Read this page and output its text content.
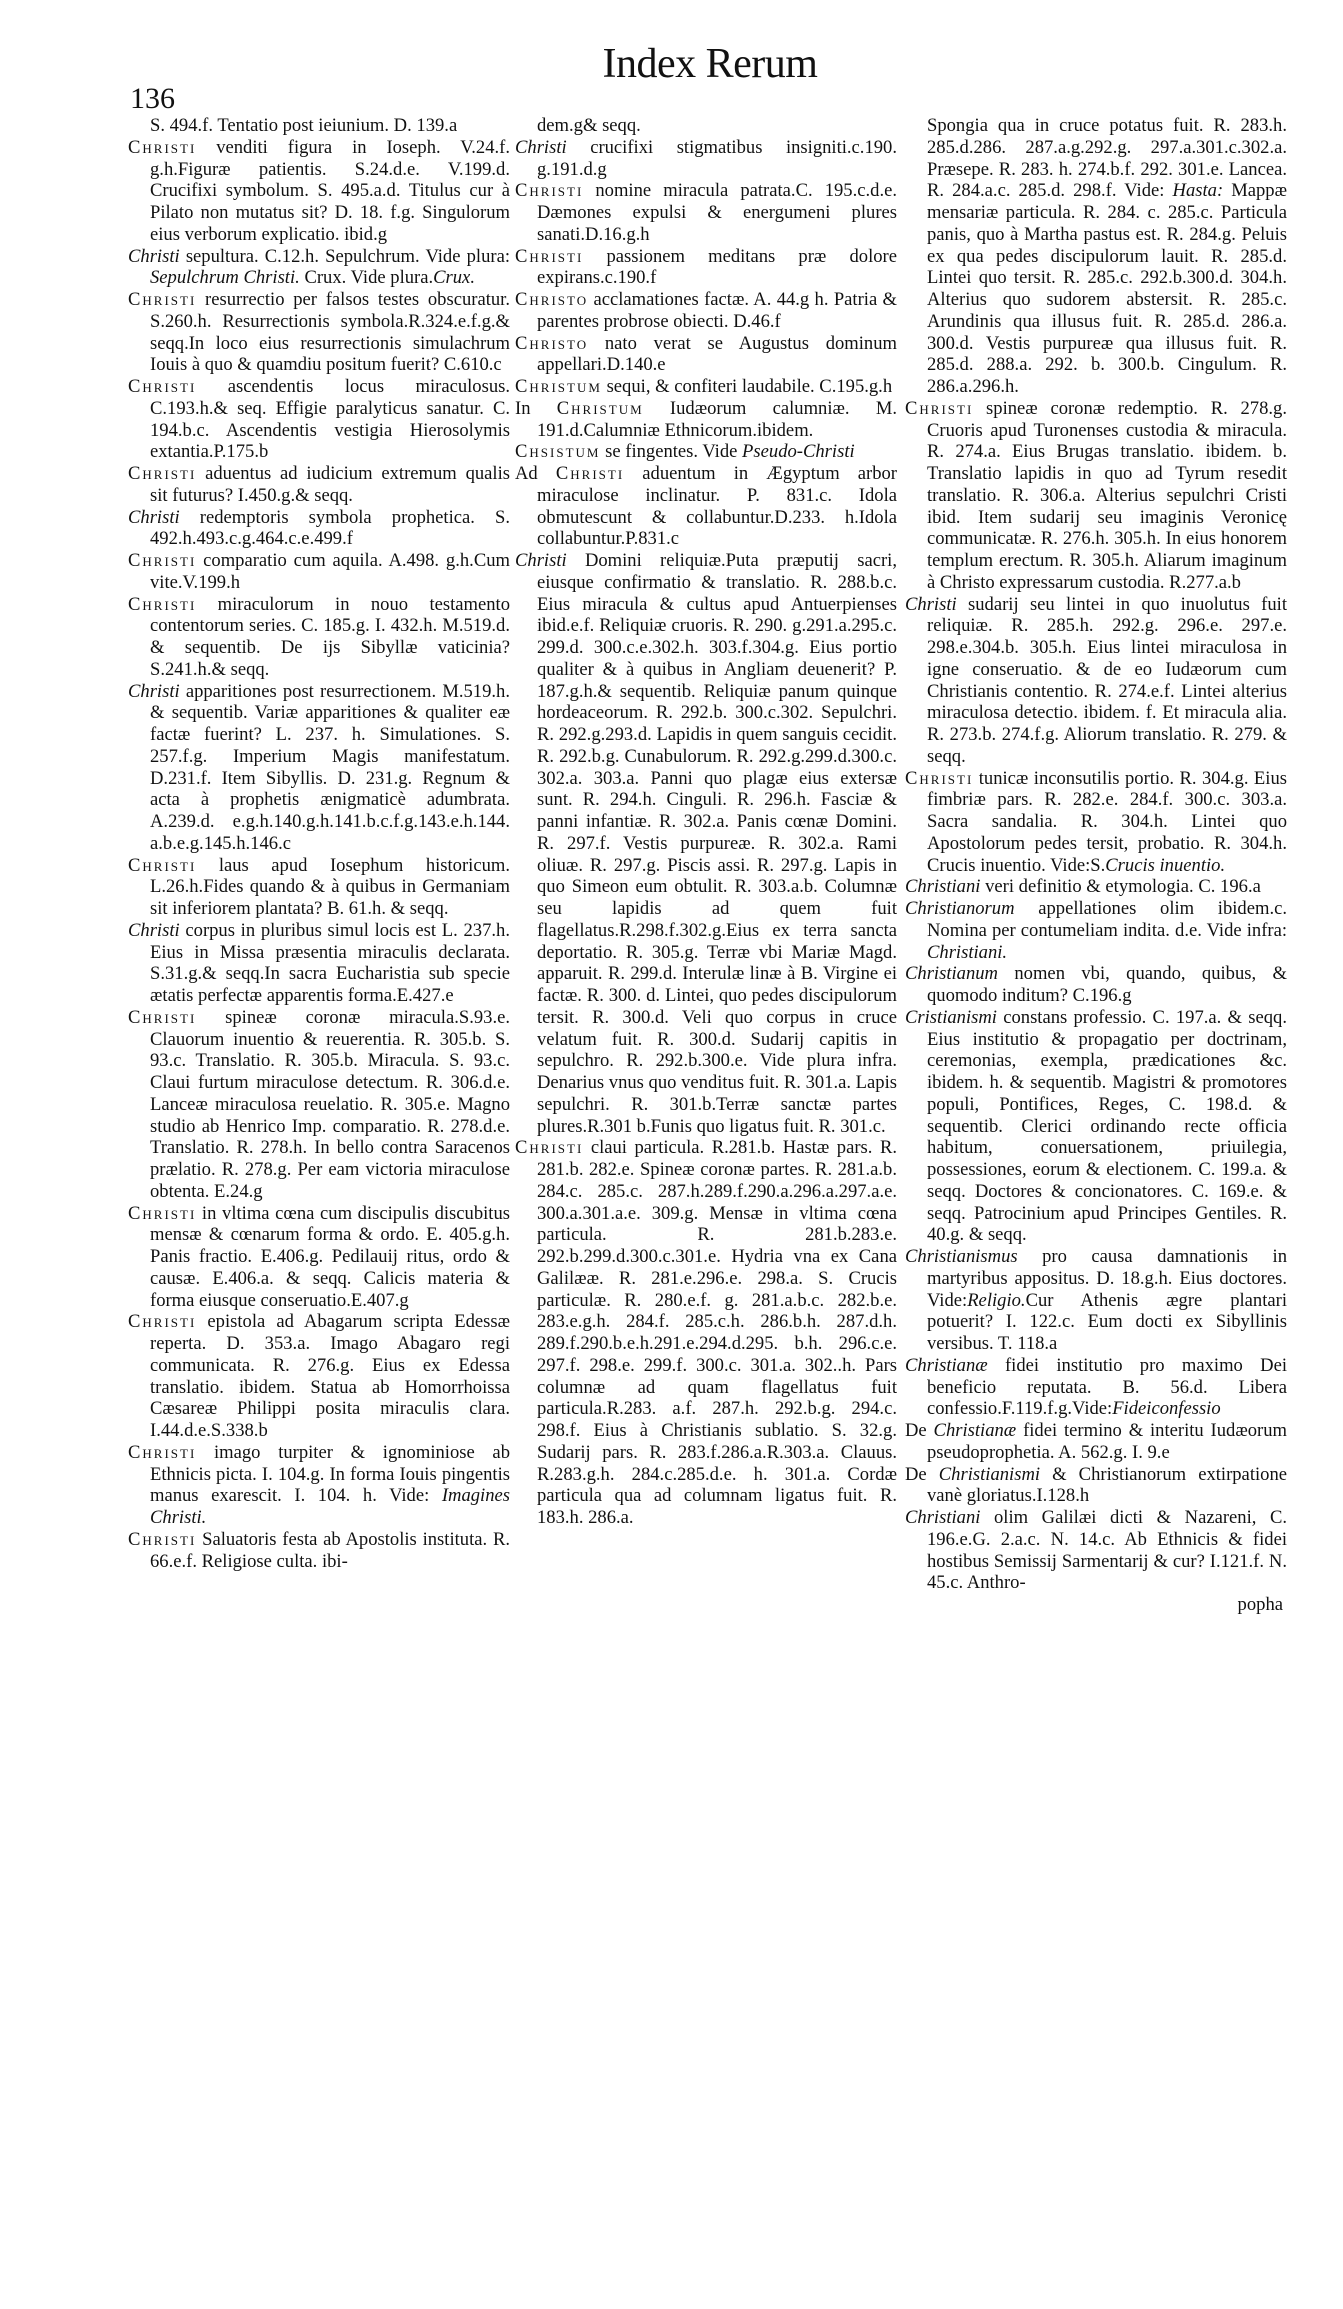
136
Index Rerum

S. 494.f. Tentatio post ieiunium. D. 139.a

Christi venditi figura in Ioseph. V.24.f. g.h.Figuræ patientis. S.24.d.e. V.199.d. Crucifixi symbolum. S. 495.a.d. Titulus cur à Pilato non mutatus sit? D. 18. f.g. Singulorum eius verborum explicatio. ibid.g

Christi sepultura. C.12.h. Sepulchrum. Vide plura: Sepulchrum Christi. Crux. Vide plura.Crux.

Christi resurrectio per falsos testes obscuratur. S.260.h. Resurrectionis symbola.R.324.e.f.g.& seqq.In loco eius resurrectionis simulachrum Iouis à quo & quamdiu positum fuerit? C.610.c

Christi ascendentis locus miraculosus. C.193.h.& seq. Effigie paralyticus sanatur. C. 194.b.c. Ascendentis vestigia Hierosolymis extantia.P.175.b

Christi aduentus ad iudicium extremum qualis sit futurus? I.450.g.& seqq.

Christi redemptoris symbola prophetica. S. 492.h.493.c.g.464.c.e.499.f

Christi comparatio cum aquila. A.498. g.h.Cum vite.V.199.h

Christi miraculorum in nouo testamento contentorum series. C. 185.g. I. 432.h. M.519.d. & sequentib. De ijs Sibyllæ vaticinia? S.241.h.& seqq.

Christi apparitiones post resurrectionem. M.519.h. & sequentib. Variæ apparitiones & qualiter eæ factæ fuerint? L. 237. h. Simulationes. S. 257.f.g. Imperium Magis manifestatum. D.231.f. Item Sibyllis. D. 231.g. Regnum & acta à prophetis ænigmaticè adumbrata. A.239.d. e.g.h.140.g.h.141.b.c.f.g.143.e.h.144. a.b.e.g.145.h.146.c

Christi laus apud Iosephum historicum. L.26.h.Fides quando & à quibus in Germaniam sit inferiorem plantata? B. 61.h. & seqq.

Christi corpus in pluribus simul locis est L. 237.h. Eius in Missa præsentia miraculis declarata. S.31.g.& seqq.In sacra Eucharistia sub specie ætatis perfectæ apparentis forma.E.427.e

Christi spineæ coronæ miracula.S.93.e. Clauorum inuentio & reuerentia. R. 305.b. S. 93.c. Translatio. R. 305.b. Miracula. S. 93.c. Claui furtum miraculose detectum. R. 306.d.e. Lanceæ miraculosa reuelatio. R. 305.e. Magno studio ab Henrico Imp. comparatio. R. 278.d.e. Translatio. R. 278.h. In bello contra Saracenos prælatio. R. 278.g. Per eam victoria miraculose obtenta. E.24.g

Christi in vltima cœna cum discipulis discubitus mensæ & cœnarum forma & ordo. E. 405.g.h. Panis fractio. E.406.g. Pedilauij ritus, ordo & causæ. E.406.a. & seqq. Calicis materia & forma eiusque conseruatio.E.407.g

Christi epistola ad Abagarum scripta Edessæ reperta. D. 353.a. Imago Abagaro regi communicata. R. 276.g. Eius ex Edessa translatio. ibidem. Statua ab Homorrhoissa Cæsareæ Philippi posita miraculis clara. I.44.d.e.S.338.b

Christi imago turpiter & ignominiose ab Ethnicis picta. I. 104.g. In forma Iouis pingentis manus exarescit. I. 104. h. Vide: Imagines Christi.

Christi Saluatoris festa ab Apostolis instituta. R. 66.e.f. Religiose culta. ibi-

dem.g& seqq.

Christi crucifixi stigmatibus insigniti.c.190. g.191.d.g

Christi nomine miracula patrata.C. 195.c.d.e. Dæmones expulsi & energumeni plures sanati.D.16.g.h

Christi passionem meditans præ dolore expirans.c.190.f

Christo acclamationes factæ. A. 44.g h. Patria & parentes probrose obiecti. D.46.f

Christo nato verat se Augustus dominum appellari.D.140.e

Christum sequi, & confiteri laudabile. C.195.g.h

In Christum Iudæorum calumniæ. M. 191.d.Calumniæ Ethnicorum.ibidem.

Chsistum se fingentes. Vide Pseudo-Christi

Ad Christi aduentum in Ægyptum arbor miraculose inclinatur. P. 831.c. Idola obmutescunt & collabuntur.D.233. h.Idola collabuntur.P.831.c

Christi Domini reliquiæ.Puta præputij sacri, eiusque confirmatio & translatio. R. 288.b.c. Eius miracula & cultus apud Antuerpienses ibid.e.f. Reliquiæ cruoris. R. 290. g.291.a.295.c. 299.d. 300.c.e.302.h. 303.f.304.g. Eius portio qualiter & à quibus in Angliam deuenerit? P. 187.g.h.& sequentib. Reliquiæ panum quinque hordeaceorum. R. 292.b. 300.c.302. Sepulchri. R. 292.g.293.d. Lapidis in quem sanguis cecidit. R. 292.b.g. Cunabulorum. R. 292.g.299.d.300.c. 302.a. 303.a. Panni quo plagæ eius extersæ sunt. R. 294.h. Cinguli. R. 296.h. Fasciæ & panni infantiæ. R. 302.a. Panis cœnæ Domini. R. 297.f. Vestis purpureæ. R. 302.a. Rami oliuæ. R. 297.g. Piscis assi. R. 297.g. Lapis in quo Simeon eum obtulit. R. 303.a.b. Columnæ seu lapidis ad quem fuit flagellatus.R.298.f.302.g.Eius ex terra sancta deportatio. R. 305.g. Terræ vbi Mariæ Magd. apparuit. R. 299.d. Interulæ linæ à B. Virgine ei factæ. R. 300. d. Lintei, quo pedes discipulorum tersit. R. 300.d. Veli quo corpus in cruce velatum fuit. R. 300.d. Sudarij capitis in sepulchro. R. 292.b.300.e. Vide plura infra. Denarius vnus quo venditus fuit. R. 301.a. Lapis sepulchri. R. 301.b.Terræ sanctæ partes plures.R.301 b.Funis quo ligatus fuit. R. 301.c.

Christi claui particula. R.281.b. Hastæ pars. R. 281.b. 282.e. Spineæ coronæ partes. R. 281.a.b. 284.c. 285.c. 287.h.289.f.290.a.296.a.297.a.e. 300.a.301.a.e. 309.g. Mensæ in vltima cœna particula. R. 281.b.283.e. 292.b.299.d.300.c.301.e. Hydria vna ex Cana Galilææ. R. 281.e.296.e. 298.a. S. Crucis particulæ. R. 280.e.f. g. 281.a.b.c. 282.b.e. 283.e.g.h. 284.f. 285.c.h. 286.b.h. 287.d.h. 289.f.290.b.e.h.291.e.294.d.295. b.h. 296.c.e. 297.f. 298.e. 299.f. 300.c. 301.a. 302..h. Pars columnæ ad quam flagellatus fuit particula.R.283. a.f. 287.h. 292.b.g. 294.c. 298.f. Eius à Christianis sublatio. S. 32.g. Sudarij pars. R. 283.f.286.a.R.303.a. Clauus. R.283.g.h. 284.c.285.d.e. h. 301.a. Cordæ particula qua ad columnam ligatus fuit. R. 183.h. 286.a.

Spongia qua in cruce potatus fuit. R. 283.h. 285.d.286. 287.a.g.292.g. 297.a.301.c.302.a. Præsepe. R. 283. h. 274.b.f. 292. 301.e. Lancea. R. 284.a.c. 285.d. 298.f. Vide: Hasta: Mappæ mensariæ particula. R. 284. c. 285.c. Particula panis, quo à Martha pastus est. R. 284.g. Peluis ex qua pedes discipulorum lauit. R. 285.d. Lintei quo tersit. R. 285.c. 292.b.300.d. 304.h. Alterius quo sudorem abstersit. R. 285.c. Arundinis qua illusus fuit. R. 285.d. 286.a. 300.d. Vestis purpureæ qua illusus fuit. R. 285.d. 288.a. 292. b. 300.b. Cingulum. R. 286.a.296.h.

Christi spineæ coronæ redemptio. R. 278.g. Cruoris apud Turonenses custodia & miracula. R. 274.a. Eius Brugas translatio. ibidem. b. Translatio lapidis in quo ad Tyrum resedit translatio. R. 306.a. Alterius sepulchri Cristi ibid. Item sudarij seu imaginis Veronicę communicatæ. R. 276.h. 305.h. In eius honorem templum erectum. R. 305.h. Aliarum imaginum à Christo expressarum custodia. R.277.a.b

Christi sudarij seu lintei in quo inuolutus fuit reliquiæ. R. 285.h. 292.g. 296.e. 297.e. 298.e.304.b. 305.h. Eius lintei miraculosa in igne conseruatio. & de eo Iudæorum cum Christianis contentio. R. 274.e.f. Lintei alterius miraculosa detectio. ibidem. f. Et miracula alia. R. 273.b. 274.f.g. Aliorum translatio. R. 279. & seqq.

Christi tunicæ inconsutilis portio. R. 304.g. Eius fimbriæ pars. R. 282.e. 284.f. 300.c. 303.a. Sacra sandalia. R. 304.h. Lintei quo Apostolorum pedes tersit, probatio. R. 304.h. Crucis inuentio. Vide:S.Crucis inuentio.

Christiani veri definitio & etymologia. C. 196.a

Christianorum appellationes olim ibidem.c. Nomina per contumeliam indita. d.e. Vide infra: Christiani.

Christianum nomen vbi, quando, quibus, & quomodo inditum? C.196.g

Cristianismi constans professio. C. 197.a. & seqq. Eius institutio & propagatio per doctrinam, ceremonias, exempla, prædicationes &c. ibidem. h. & sequentib. Magistri & promotores populi, Pontifices, Reges, C. 198.d. & sequentib. Clerici ordinando recte officia habitum, conuersationem, priuilegia, possessiones, eorum & electionem. C. 199.a. & seqq. Doctores & concionatores. C. 169.e. & seqq. Patrocinium apud Principes Gentiles. R. 40.g. & seqq.

Christianismus pro causa damnationis in martyribus appositus. D. 18.g.h. Eius doctores. Vide:Religio.Cur Athenis ægre plantari potuerit? I. 122.c. Eum docti ex Sibyllinis versibus. T. 118.a

Christianæ fidei institutio pro maximo Dei beneficio reputata. B. 56.d. Libera confessio.F.119.f.g.Vide:Fideiconfessio

De Christianæ fidei termino & interitu Iudæorum pseudoprophetia. A. 562.g. I. 9.e

De Christianismi & Christianorum extirpatione vanè gloriatus.I.128.h

Christiani olim Galilæi dicti & Nazareni, C. 196.e.G. 2.a.c. N. 14.c. Ab Ethnicis & fidei hostibus Semissij Sarmentarij & cur? I.121.f. N. 45.c. Anthro-

popha
